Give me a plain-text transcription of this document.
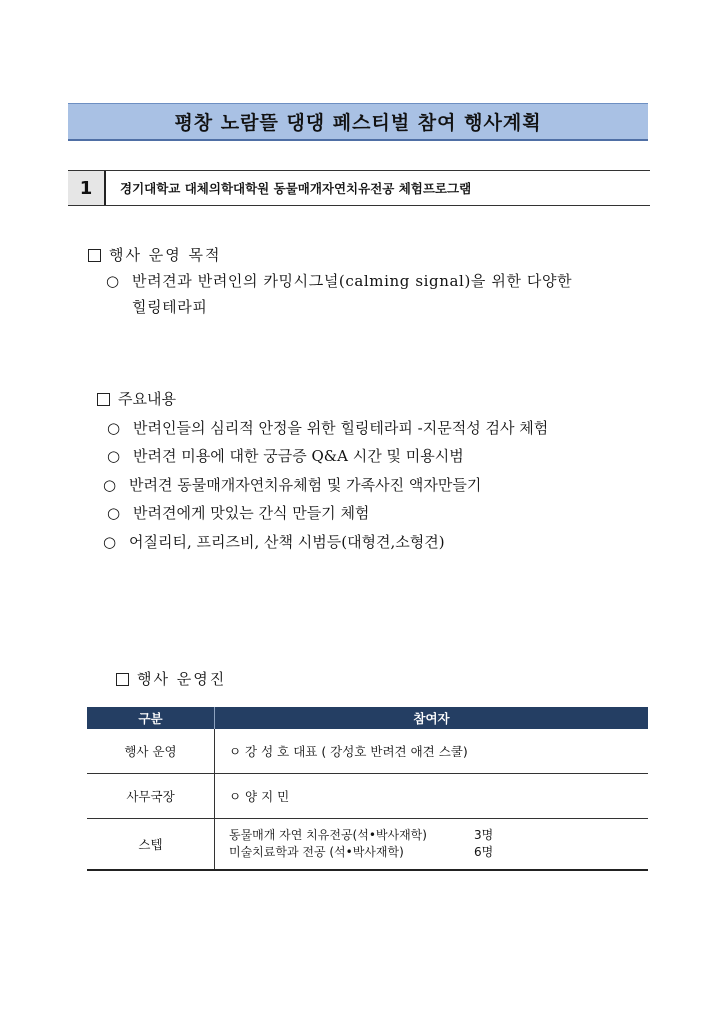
평창 노람뜰 댕댕 페스티벌 참여 행사계획
1	경기대학교 대체의학대학원 동물매개자연치유전공 체험프로그램
행사 운영 목적
○ 반려견과 반려인의 카밍시그널(calming signal)을 위한 다양한
힐링테라피
주요내용
○ 반려인들의 심리적 안정을 위한 힐링테라피 -지문적성 검사 체험
○ 반려견 미용에 대한 궁금증 Q&A 시간 및 미용시범
○ 반려견 동물매개자연치유체험 및 가족사진 액자만들기
○ 반려견에게 맛있는 간식 만들기 체험
○ 어질리티, 프리즈비, 산책 시범등(대형견,소형견)
행사 운영진
구분	참여자
행사 운영	ㅇ 강 성 호 대표 ( 강성호 반려견 애견 스쿨)
사무국장	ㅇ 양 지 민
스텝	동물매개 자연 치유전공(석•박사재학) 3명
미술치료학과 전공 (석•박사재학) 6명
